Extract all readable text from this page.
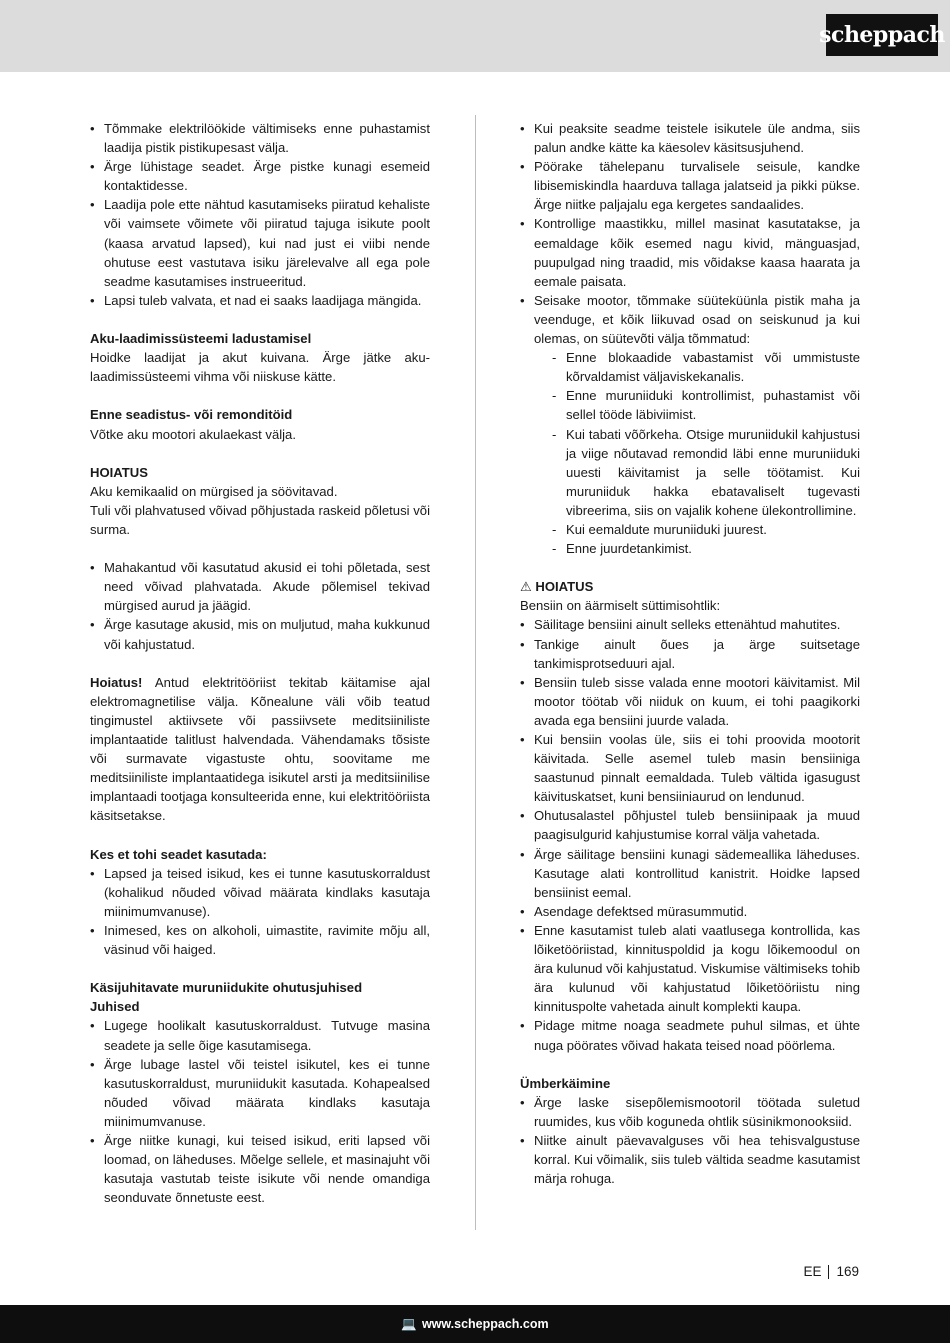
scheppach
• Tõmmake elektrilöökide vältimiseks enne puhastamist laadija pistik pistikupesast välja.
• Ärge lühistage seadet. Ärge pistke kunagi esemeid kontaktidesse.
• Laadija pole ette nähtud kasutamiseks piiratud kehaliste või vaimsete võimete või piiratud tajuga isikute poolt (kaasa arvatud lapsed), kui nad just ei viibi nende ohutuse eest vastutava isiku järelevalve all ega pole seadme kasutamises instrueeritud.
• Lapsi tuleb valvata, et nad ei saaks laadijaga mängida.

Aku-laadimissüsteemi ladustamisel

Hoidke laadijat ja akut kuivana. Ärge jätke aku-laadimissüsteemi vihma või niiskuse kätte.

Enne seadistus- või remonditöid

Võtke aku mootori akulaekast välja.

HOIATUS

Aku kemikaalid on mürgised ja söövitavad.

Tuli või plahvatused võivad põhjustada raskeid põletusi või surma.

• Mahakantud või kasutatud akusid ei tohi põletada, sest need võivad plahvatada. Akude põlemisel tekivad mürgised aurud ja jäägid.
• Ärge kasutage akusid, mis on muljutud, maha kukkunud või kahjustatud.

Hoiatus! Antud elektritööriist tekitab käitamise ajal elektromagnetilise välja. Kõnealune väli võib teatud tingimustel aktiivsete või passiivsete meditsiiniliste implantaatide talitlust halvendada. Vähendamaks tõsiste või surmavate vigastuste ohtu, soovitame me meditsiiniliste implantaatidega isikutel arsti ja meditsiinilise implantaadi tootjaga konsulteerida enne, kui elektritööriista käsitsetakse.

Kes et tohi seadet kasutada:

• Lapsed ja teised isikud, kes ei tunne kasutuskorraldust (kohalikud nõuded võivad määrata kindlaks kasutaja miinimumvanuse).
• Inimesed, kes on alkoholi, uimastite, ravimite mõju all, väsinud või haiged.

Käsijuhitavate muruniidukite ohutusjuhised

Juhised

• Lugege hoolikalt kasutuskorraldust. Tutvuge masina seadete ja selle õige kasutamisega.
• Ärge lubage lastel või teistel isikutel, kes ei tunne kasutuskorraldust, muruniidukit kasutada. Kohapealsed nõuded võivad määrata kindlaks kasutaja miinimumvanuse.
• Ärge niitke kunagi, kui teised isikud, eriti lapsed või loomad, on läheduses. Mõelge sellele, et masinajuht või kasutaja vastutab teiste isikute või nende omandiga seonduvate õnnetuste eest.
• Kui peaksite seadme teistele isikutele üle andma, siis palun andke kätte ka käesolev käsitsusjuhend.
• Pöörake tähelepanu turvalisele seisule, kandke libisemiskindla haarduva tallaga jalatseid ja pikki pükse. Ärge niitke paljajalu ega kergetes sandaalides.
• Kontrollige maastikku, millel masinat kasutatakse, ja eemaldage kõik esemed nagu kivid, mänguasjad, puupulgad ning traadid, mis võidakse kaasa haarata ja eemale paisata.
• Seisake mootor, tõmmake süüteküünla pistik maha ja veenduge, et kõik liikuvad osad on seiskunud ja kui olemas, on süütevõti välja tõmmatud:
- Enne blokaadide vabastamist või ummistuste kõrvaldamist väljaviskekanalis.
- Enne muruniiduki kontrollimist, puhastamist või sellel tööde läbiviimist.
- Kui tabati võõrkeha. Otsige muruniidukil kahjustusi ja viige nõutavad remondid läbi enne muruniiduki uuesti käivitamist ja selle töötamist. Kui muruniiduk hakka ebatavaliselt tugevasti vibreerima, siis on vajalik kohene ülekontrollimine.
- Kui eemaldute muruniiduki juurest.
- Enne juurdetankimist.

⚠ HOIATUS

Bensiin on äärmiselt süttimisohtlik:

• Säilitage bensiini ainult selleks ettenähtud mahutites.
• Tankige ainult õues ja ärge suitsetage tankimisprotseduuri ajal.
• Bensiin tuleb sisse valada enne mootori käivitamist. Mil mootor töötab või niiduk on kuum, ei tohi paagikorki avada ega bensiini juurde valada.
• Kui bensiin voolas üle, siis ei tohi proovida mootorit käivitada. Selle asemel tuleb masin bensiiniga saastunud pinnalt eemaldada. Tuleb vältida igasugust käivituskatset, kuni bensiiniaurud on lendunud.
• Ohutusalastel põhjustel tuleb bensiinipaak ja muud paagisulgurid kahjustumise korral välja vahetada.
• Ärge säilitage bensiini kunagi sädemeallika läheduses. Kasutage alati kontrollitud kanistrit. Hoidke lapsed bensiinist eemal.
• Asendage defektsed mürasummutid.
• Enne kasutamist tuleb alati vaatlusega kontrollida, kas lõiketööriistad, kinnituspoldid ja kogu lõikemoodul on ära kulunud või kahjustatud. Viskumise vältimiseks tohib ära kulunud või kahjustatud lõiketööriistu ning kinnituspolte vahetada ainult komplekti kaupa.
• Pidage mitme noaga seadmete puhul silmas, et ühte nuga pöörates võivad hakata teised noad pöörlema.

Ümberkäimine

• Ärge laske sisepõlemismootoril töötada suletud ruumides, kus võib koguneda ohtlik süsinikmonooksiid.
• Niitke ainult päevavalguses või hea tehisvalgustuse korral. Kui võimalik, siis tuleb vältida seadme kasutamist märja rohuga.
EE 169
💻 www.scheppach.com
